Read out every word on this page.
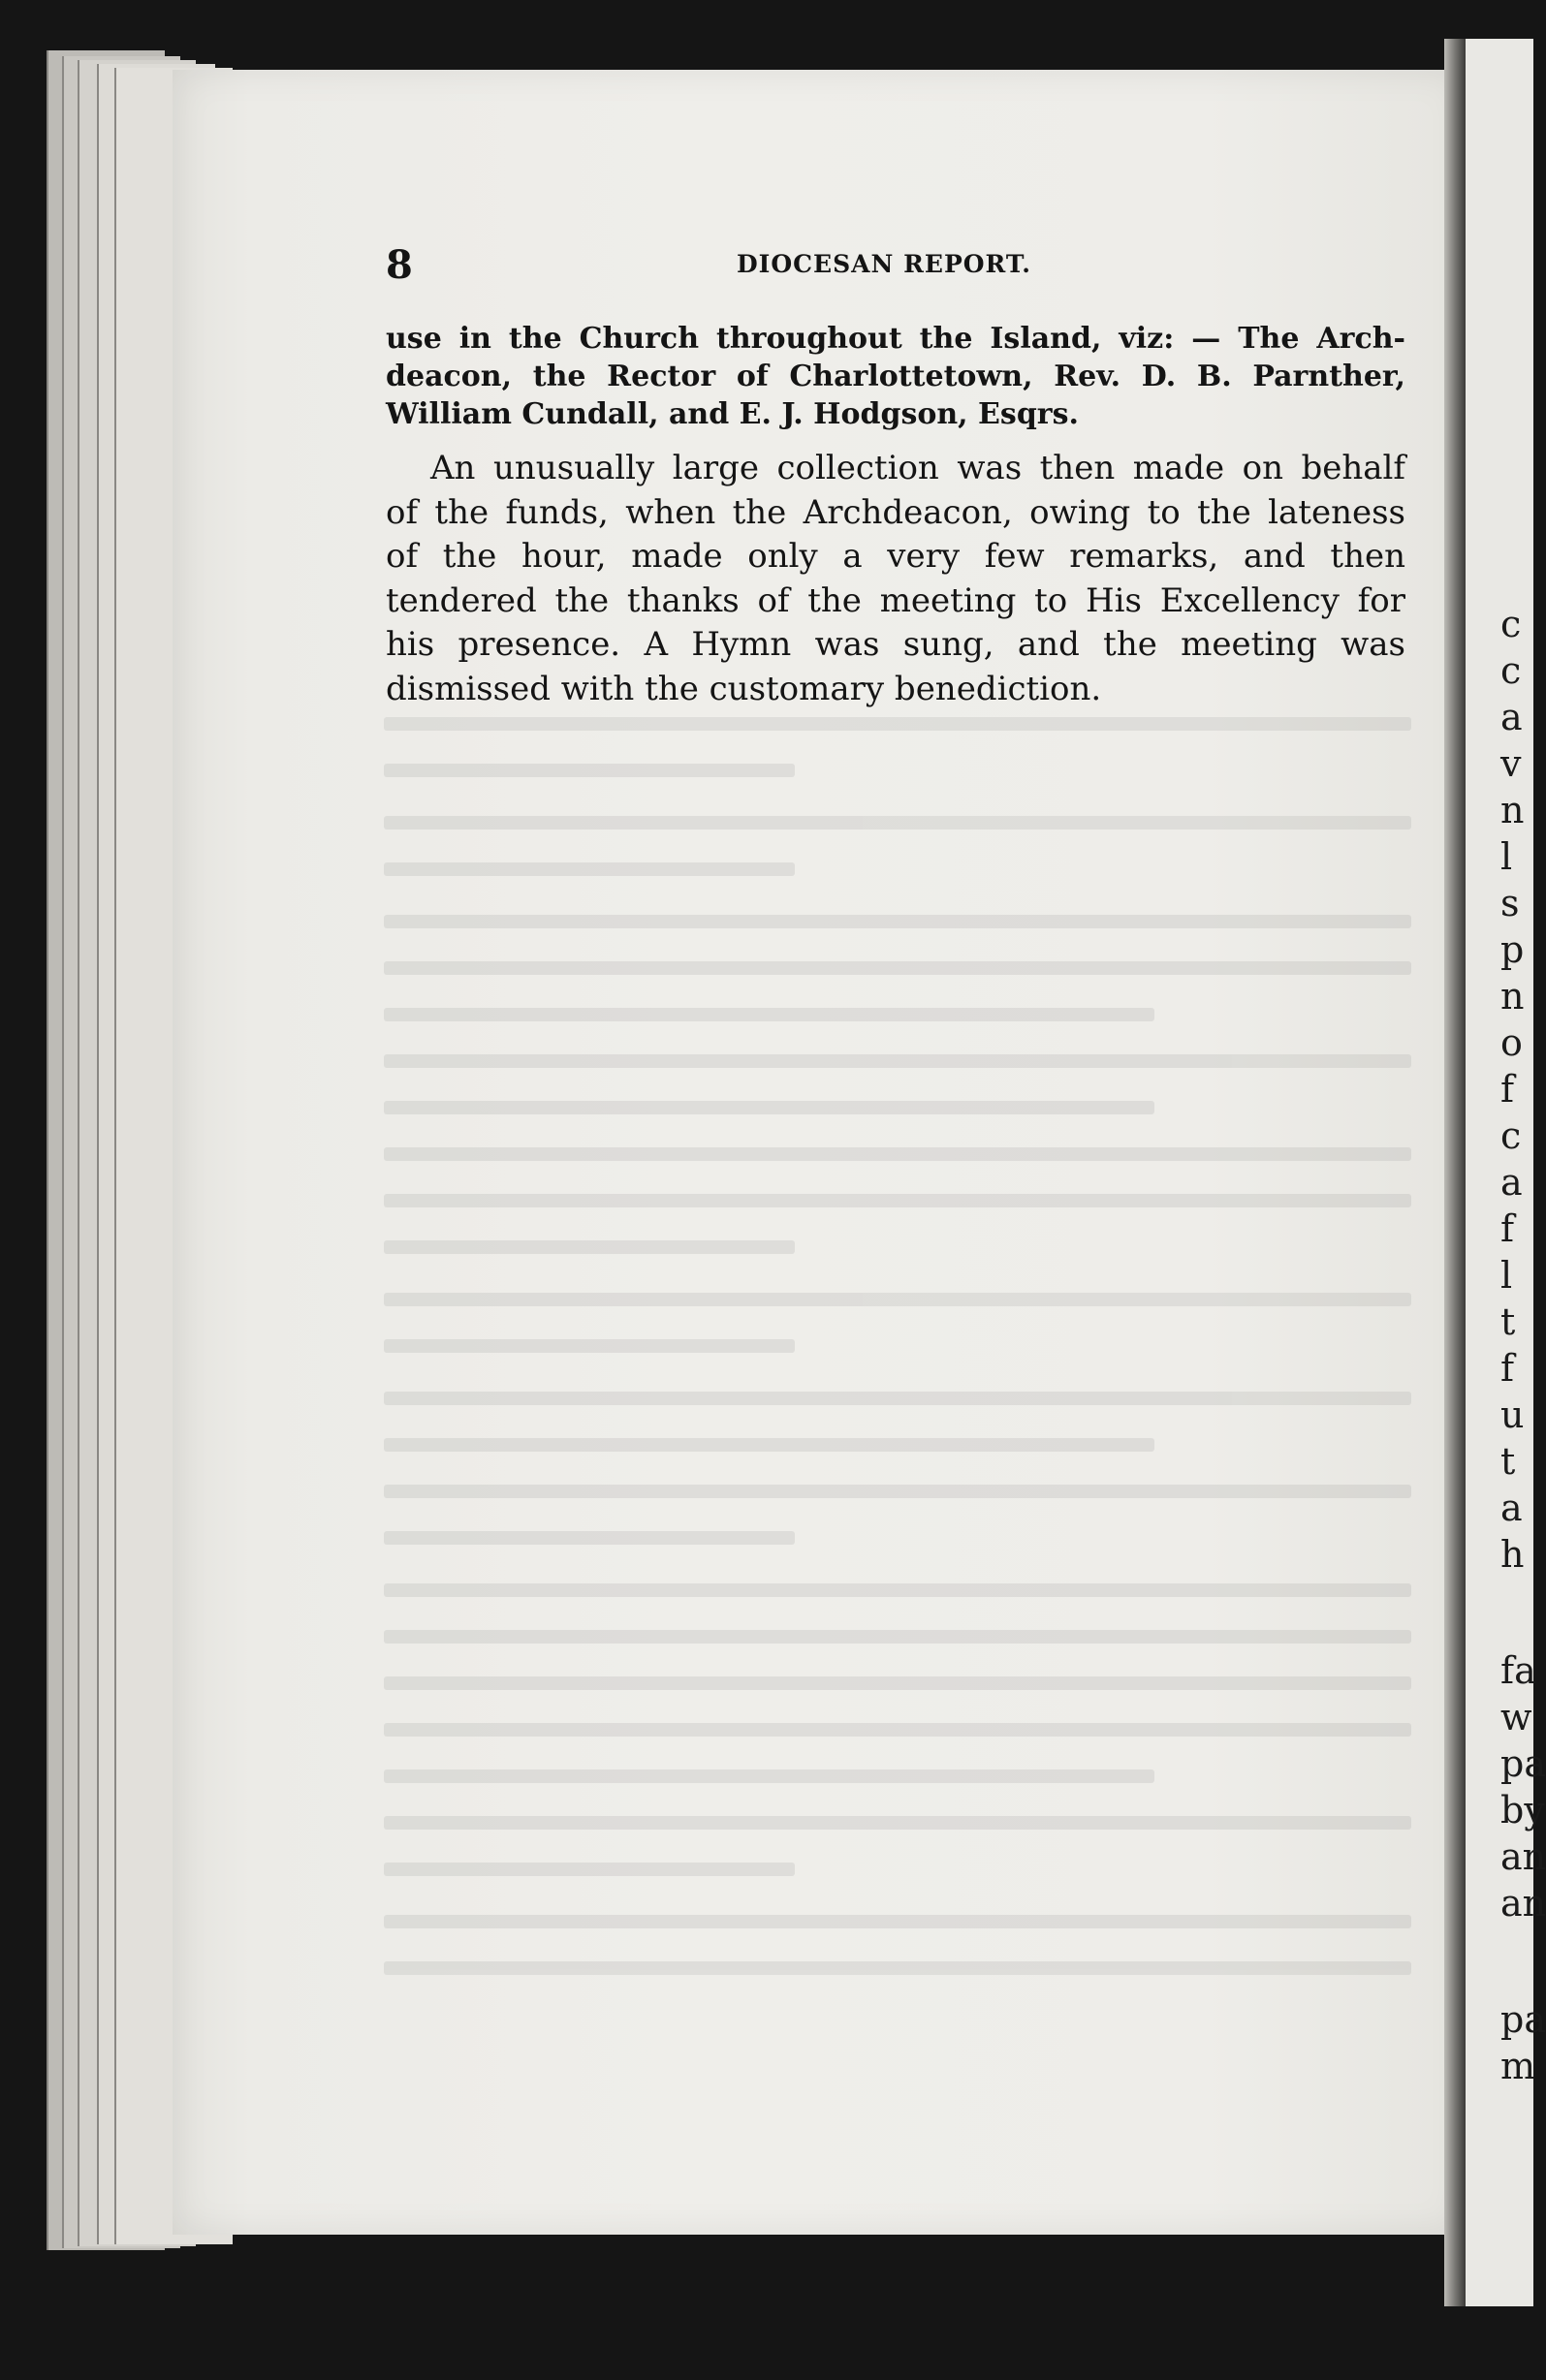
c
c
a
v
n
l
s
p
n
o
f
c
a
f
l
t
f
u
t
a
h
fa
w
pa
by
an
an
pa
m
8	DIOCESAN REPORT.
use in the Church throughout the Island, viz: — The Arch-
deacon, the Rector of Charlottetown, Rev. D. B. Parnther,
William Cundall, and E. J. Hodgson, Esqrs.
An unusually large collection was then made on behalf
of the funds, when the Archdeacon, owing to the lateness
of the hour, made only a very few remarks, and then
tendered the thanks of the meeting to His Excellency for
his presence. A Hymn was sung, and the meeting was
dismissed with the customary benediction.
